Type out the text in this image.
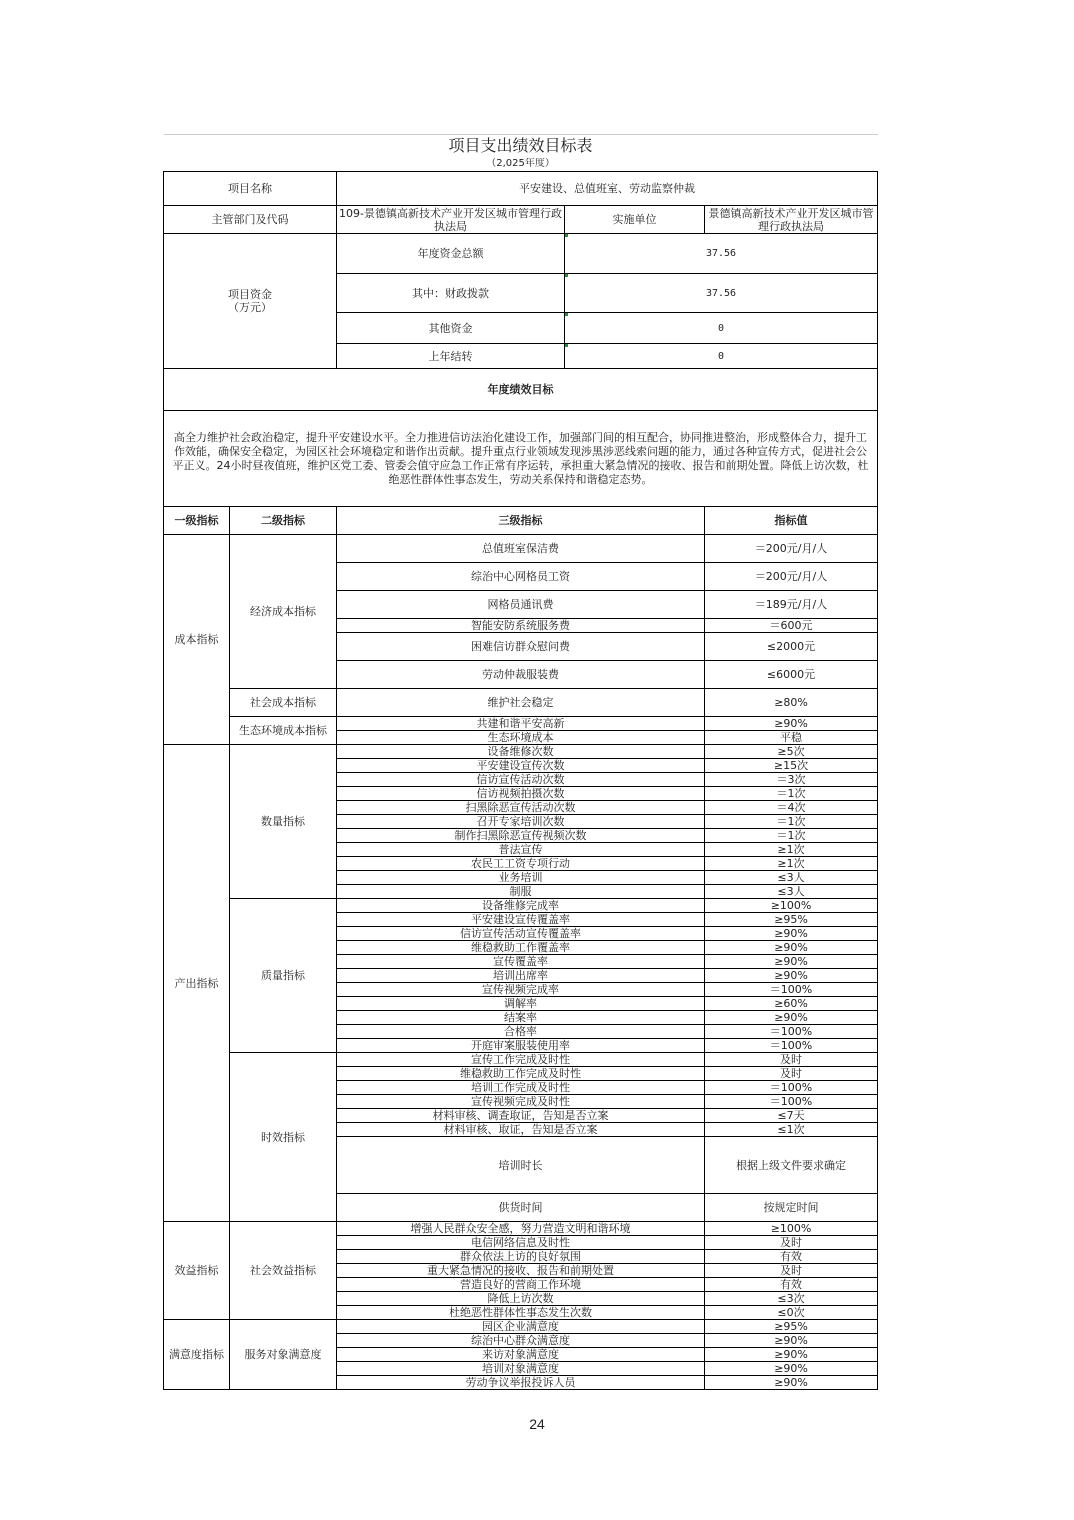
项目支出绩效目标表				
（2,025年度）				
项目名称		平安建设、总值班室、劳动监察仲裁		
主管部门及代码		109-景德镇高新技术产业开发区城市管理行政执法局	实施单位	景德镇高新技术产业开发区城市管理行政执法局
项目资金
（万元）		年度资金总额	37.56	
		其中：财政拨款	37.56	
		其他资金	0	
		上年结转	0	
年度绩效目标				
高全力维护社会政治稳定，提升平安建设水平。全力推进信访法治化建设工作，加强部门间的相互配合，协同推进整治，形成整体合力，提升工作效能，确保安全稳定，为园区社会环境稳定和谐作出贡献。提升重点行业领域发现涉黑涉恶线索问题的能力，通过各种宣传方式，促进社会公平正义。24小时昼夜值班，维护区党工委、管委会值守应急工作正常有序运转，承担重大紧急情况的接收、报告和前期处置。降低上访次数，杜绝恶性群体性事态发生，劳动关系保持和谐稳定态势。				
一级指标	二级指标	三级指标		指标值
成本指标	经济成本指标	总值班室保洁费		＝200元/月/人
		综治中心网格员工资		＝200元/月/人
		网格员通讯费		＝189元/月/人
		智能安防系统服务费		＝600元
		困难信访群众慰问费		≤2000元
		劳动仲裁服装费		≤6000元
	社会成本指标	维护社会稳定		≥80%
	生态环境成本指标	共建和谐平安高新		≥90%
		生态环境成本		平稳
产出指标	数量指标	设备维修次数		≥5次
		平安建设宣传次数		≥15次
		信访宣传活动次数		＝3次
		信访视频拍摄次数		＝1次
		扫黑除恶宣传活动次数		＝4次
		召开专家培训次数		＝1次
		制作扫黑除恶宣传视频次数		＝1次
		普法宣传		≥1次
		农民工工资专项行动		≥1次
		业务培训		≤3人
		制服		≤3人
	质量指标	设备维修完成率		≥100%
		平安建设宣传覆盖率		≥95%
		信访宣传活动宣传覆盖率		≥90%
		维稳救助工作覆盖率		≥90%
		宣传覆盖率		≥90%
		培训出席率		≥90%
		宣传视频完成率		＝100%
		调解率		≥60%
		结案率		≥90%
		合格率		＝100%
		开庭审案服装使用率		＝100%
	时效指标	宣传工作完成及时性		及时
		维稳救助工作完成及时性		及时
		培训工作完成及时性		＝100%
		宣传视频完成及时性		＝100%
		材料审核、调查取证，告知是否立案		≤7天
		材料审核、取证，告知是否立案		≤1次
		培训时长		根据上级文件要求确定
		供货时间		按规定时间
效益指标	社会效益指标	增强人民群众安全感，努力营造文明和谐环境		≥100%
		电信网络信息及时性		及时
		群众依法上访的良好氛围		有效
		重大紧急情况的接收、报告和前期处置		及时
		营造良好的营商工作环境		有效
		降低上访次数		≤3次
		杜绝恶性群体性事态发生次数		≤0次
满意度指标	服务对象满意度	园区企业满意度		≥95%
		综治中心群众满意度		≥90%
		来访对象满意度		≥90%
		培训对象满意度		≥90%
		劳动争议举报投诉人员		≥90%
24
